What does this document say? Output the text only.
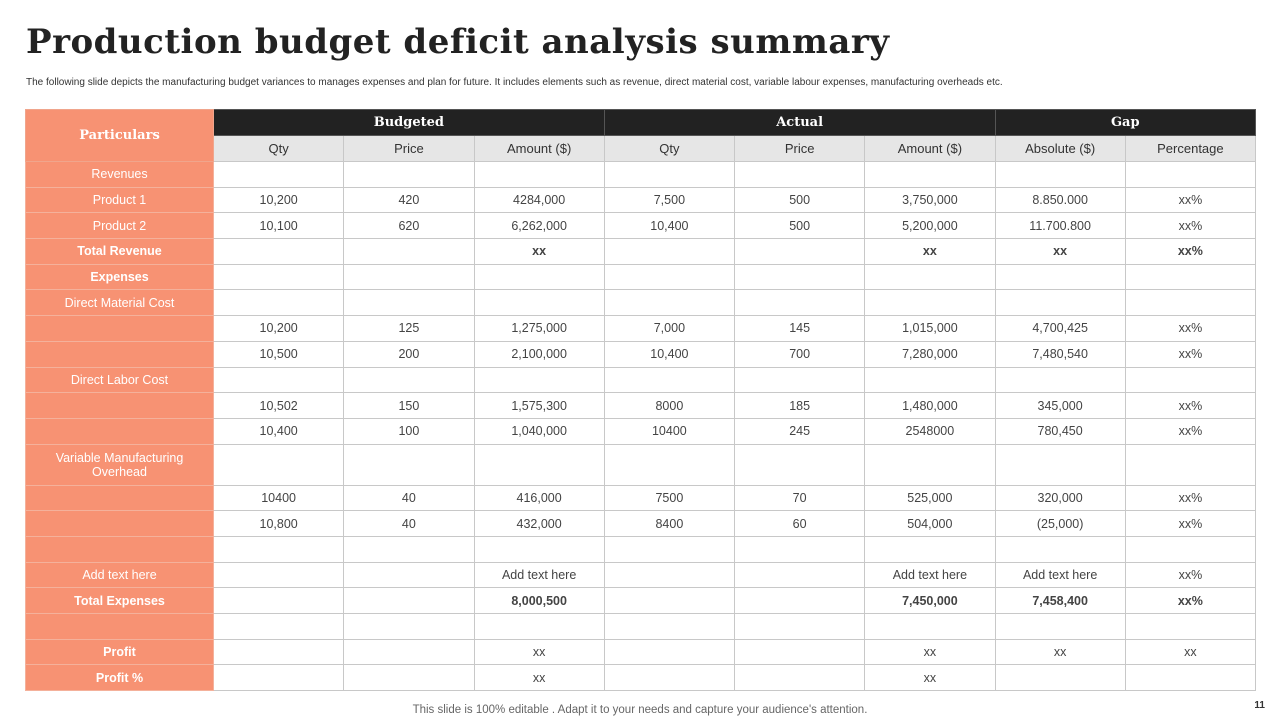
Production budget deficit analysis summary
The following slide depicts the manufacturing budget variances to manages expenses and plan for future. It includes elements such as revenue, direct material cost, variable labour expenses, manufacturing overheads etc.
Particulars	Budgeted			Actual			Gap	
	Qty	Price	Amount ($)	Qty	Price	Amount ($)	Absolute ($)	Percentage
Revenues								
Product 1	10,200	420	4284,000	7,500	500	3,750,000	8.850.000	xx%
Product 2	10,100	620	6,262,000	10,400	500	5,200,000	11.700.800	xx%
Total Revenue			xx			xx	xx	xx%
Expenses								
Direct Material Cost								
	10,200	125	1,275,000	7,000	145	1,015,000	4,700,425	xx%
	10,500	200	2,100,000	10,400	700	7,280,000	7,480,540	xx%
Direct Labor Cost								
	10,502	150	1,575,300	8000	185	1,480,000	345,000	xx%
	10,400	100	1,040,000	10400	245	2548000	780,450	xx%
Variable Manufacturing Overhead								
	10400	40	416,000	7500	70	525,000	320,000	xx%
	10,800	40	432,000	8400	60	504,000	(25,000)	xx%

Add text here			Add text here			Add text here	Add text here	xx%
Total Expenses			8,000,500			7,450,000	7,458,400	xx%

Profit			xx			xx	xx	xx
Profit %			xx			xx		
This slide is 100% editable . Adapt it to your needs and capture your audience's attention.	11
